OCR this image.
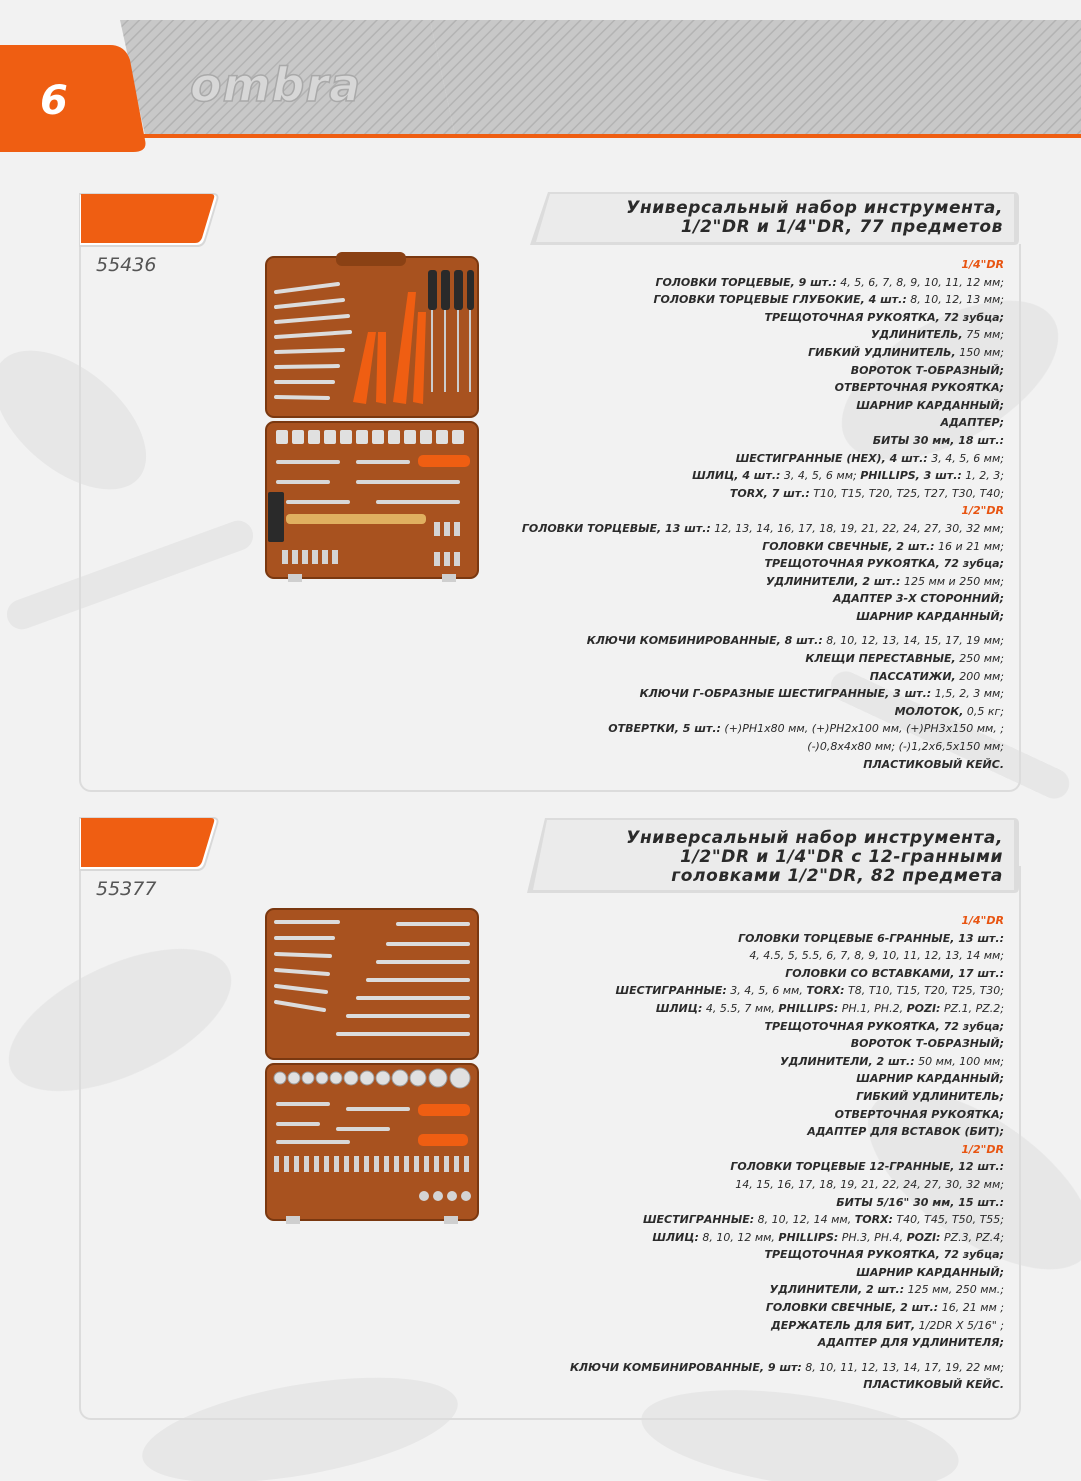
6	ombra
55436
Универсальный набор инструмента,
1/2"DR и 1/4"DR, 77 предметов
1/4"DR
ГОЛОВКИ ТОРЦЕВЫЕ, 9 шт.: 4, 5, 6, 7, 8, 9, 10, 11, 12 мм;
ГОЛОВКИ ТОРЦЕВЫЕ ГЛУБОКИЕ, 4 шт.: 8, 10, 12, 13 мм;
ТРЕЩОТОЧНАЯ РУКОЯТКА, 72 зубца;
УДЛИНИТЕЛЬ, 75 мм;
ГИБКИЙ УДЛИНИТЕЛЬ, 150 мм;
ВОРОТОК Т-ОБРАЗНЫЙ;
ОТВЕРТОЧНАЯ РУКОЯТКА;
ШАРНИР КАРДАННЫЙ;
АДАПТЕР;
БИТЫ 30 мм, 18 шт.:
ШЕСТИГРАННЫЕ (HEX), 4 шт.: 3, 4, 5, 6 мм;
ШЛИЦ, 4 шт.: 3, 4, 5, 6 мм; PHILLIPS, 3 шт.: 1, 2, 3;
TORX, 7 шт.: T10, T15, T20, T25, T27, T30, T40;
1/2"DR
ГОЛОВКИ ТОРЦЕВЫЕ, 13 шт.: 12, 13, 14, 16, 17, 18, 19, 21, 22, 24, 27, 30, 32 мм;
ГОЛОВКИ СВЕЧНЫЕ, 2 шт.: 16 и 21 мм;
ТРЕЩОТОЧНАЯ РУКОЯТКА, 72 зубца;
УДЛИНИТЕЛИ, 2 шт.: 125 мм и 250 мм;
АДАПТЕР 3-Х СТОРОННИЙ;
ШАРНИР КАРДАННЫЙ;
КЛЮЧИ КОМБИНИРОВАННЫЕ, 8 шт.: 8, 10, 12, 13, 14, 15, 17, 19 мм;
КЛЕЩИ ПЕРЕСТАВНЫЕ, 250 мм;
ПАССАТИЖИ, 200 мм;
КЛЮЧИ Г-ОБРАЗНЫЕ ШЕСТИГРАННЫЕ, 3 шт.: 1,5, 2, 3 мм;
МОЛОТОК, 0,5 кг;
ОТВЕРТКИ, 5 шт.: (+)PH1x80 мм, (+)PH2x100 мм, (+)PH3x150 мм, ;
(-)0,8x4x80 мм; (-)1,2x6,5x150 мм;
ПЛАСТИКОВЫЙ КЕЙС.
55377
Универсальный набор инструмента,
1/2"DR и 1/4"DR с 12-гранными
головками 1/2"DR, 82 предмета
1/4"DR
ГОЛОВКИ ТОРЦЕВЫЕ 6-ГРАННЫЕ, 13 шт.:
4, 4.5, 5, 5.5, 6, 7, 8, 9, 10, 11, 12, 13, 14 мм;
ГОЛОВКИ СО ВСТАВКАМИ, 17 шт.:
ШЕСТИГРАННЫЕ: 3, 4, 5, 6 мм, TORX: T8, T10, T15, T20, T25, T30;
ШЛИЦ: 4, 5.5, 7 мм, PHILLIPS: PH.1, PH.2, POZI: PZ.1, PZ.2;
ТРЕЩОТОЧНАЯ РУКОЯТКА, 72 зубца;
ВОРОТОК Т-ОБРАЗНЫЙ;
УДЛИНИТЕЛИ, 2 шт.: 50 мм, 100 мм;
ШАРНИР КАРДАННЫЙ;
ГИБКИЙ УДЛИНИТЕЛЬ;
ОТВЕРТОЧНАЯ РУКОЯТКА;
АДАПТЕР ДЛЯ ВСТАВОК (БИТ);
1/2"DR
ГОЛОВКИ ТОРЦЕВЫЕ 12-ГРАННЫЕ, 12 шт.:
14, 15, 16, 17, 18, 19, 21, 22, 24, 27, 30, 32 мм;
БИТЫ 5/16" 30 мм, 15 шт.:
ШЕСТИГРАННЫЕ: 8, 10, 12, 14 мм, TORX: T40, T45, T50, T55;
ШЛИЦ: 8, 10, 12 мм, PHILLIPS: PH.3, PH.4, POZI: PZ.3, PZ.4;
ТРЕЩОТОЧНАЯ РУКОЯТКА, 72 зубца;
ШАРНИР КАРДАННЫЙ;
УДЛИНИТЕЛИ, 2 шт.: 125 мм, 250 мм.;
ГОЛОВКИ СВЕЧНЫЕ, 2 шт.: 16, 21 мм ;
ДЕРЖАТЕЛЬ ДЛЯ БИТ, 1/2DR X 5/16" ;
АДАПТЕР ДЛЯ УДЛИНИТЕЛЯ;
КЛЮЧИ КОМБИНИРОВАННЫЕ, 9 шт: 8, 10, 11, 12, 13, 14, 17, 19, 22 мм;
ПЛАСТИКОВЫЙ КЕЙС.
